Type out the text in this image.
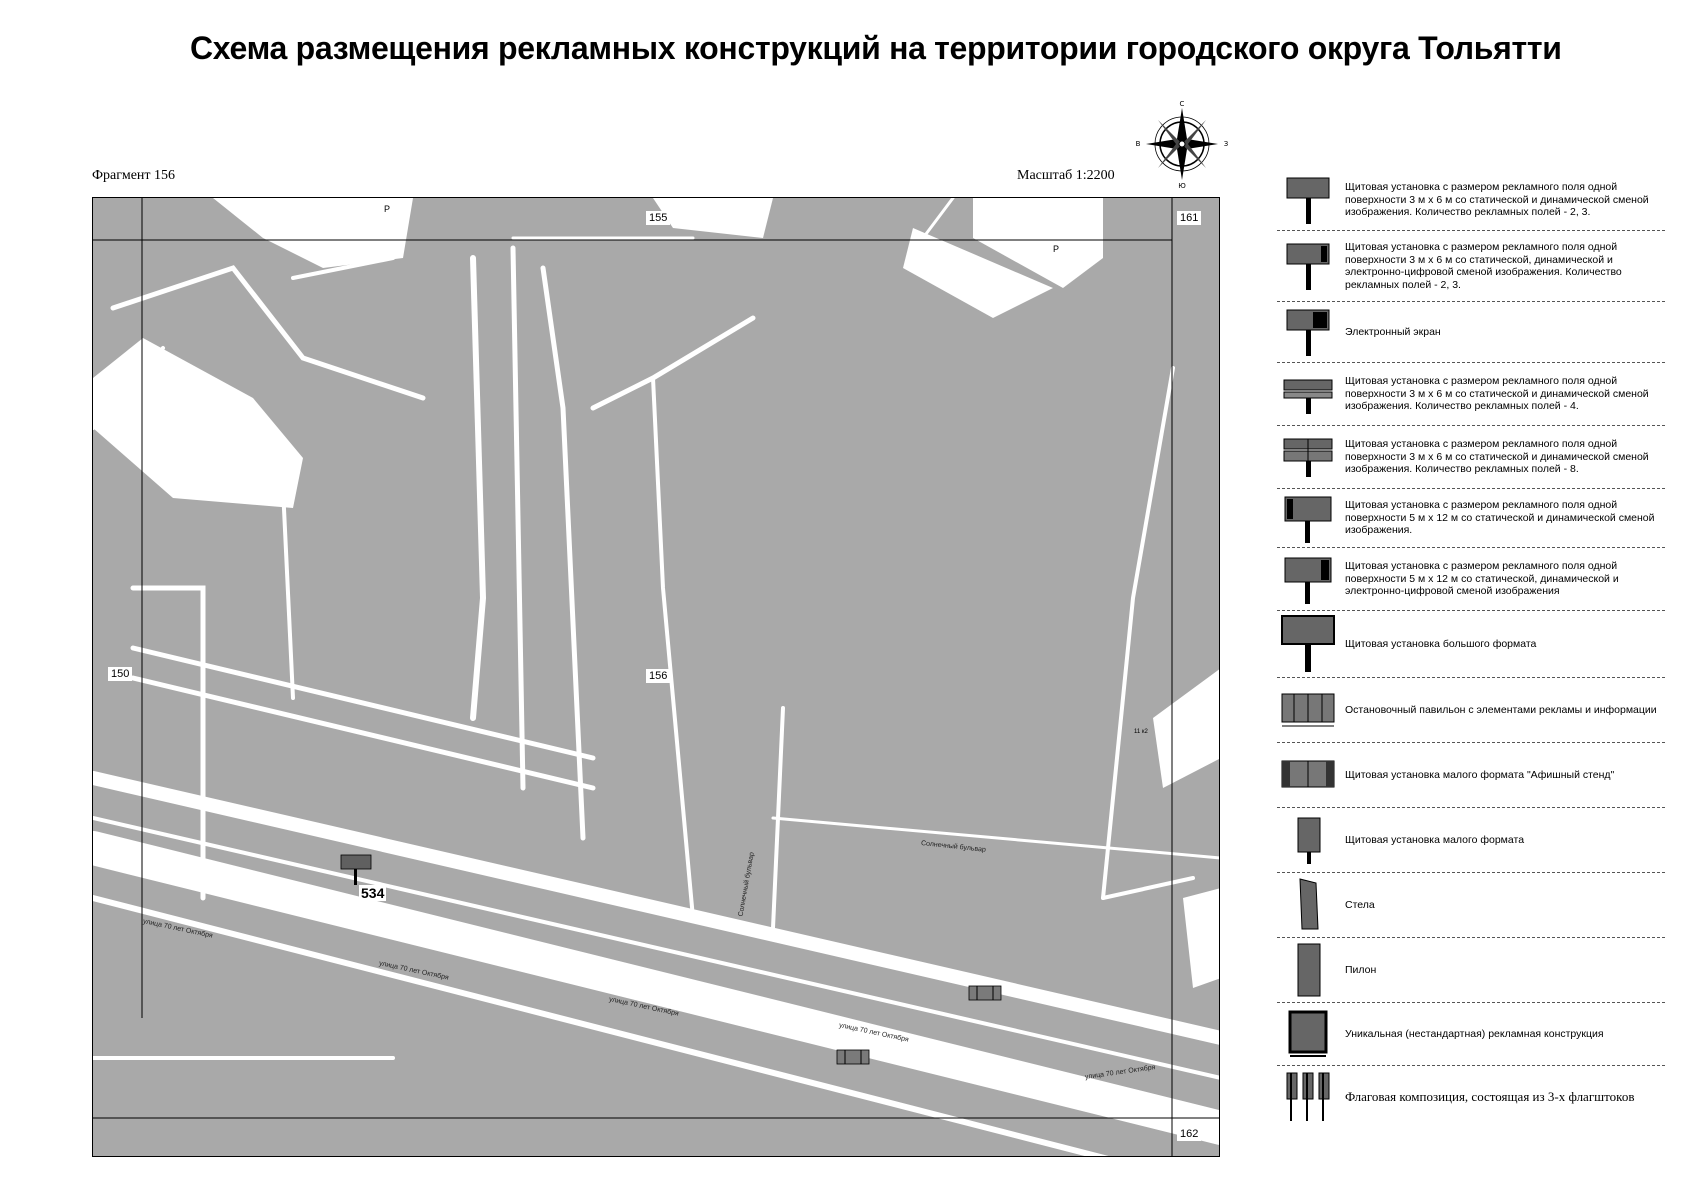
Схема размещения рекламных конструкций на территории городского округа Тольятти
Фрагмент 156	Масштаб 1:2200
С
Ю
В	З
155	161
150	156
162
P
P
11 к2
534
улица 70 лет Октября
улица 70 лет Октября
улица 70 лет Октября
улица 70 лет Октября
улица 70 лет Октября
Солнечный бульвар
Солнечный бульвар
Щитовая установка с размером рекламного поля одной поверхности 3 м х 6 м со статической и динамической сменой изображения. Количество рекламных полей - 2, 3.
Щитовая установка с размером рекламного поля одной поверхности 3 м х 6 м со статической, динамической и электронно-цифровой сменой изображения. Количество рекламных полей - 2, 3.
Электронный экран
Щитовая установка с размером рекламного поля одной поверхности 3 м х 6 м со статической и динамической сменой изображения. Количество рекламных полей - 4.
Щитовая установка с размером рекламного поля одной поверхности 3 м х 6 м со статической и динамической сменой изображения. Количество рекламных полей - 8.
Щитовая установка с размером рекламного поля одной поверхности 5 м х 12 м со статической и динамической сменой изображения.
Щитовая установка с размером рекламного поля одной поверхности 5 м х 12 м со статической, динамической и электронно-цифровой сменой изображения
Щитовая установка большого формата
Остановочный павильон с элементами рекламы и информации
Щитовая установка малого формата "Афишный стенд"
Щитовая установка малого формата
Стела
Пилон
Уникальная (нестандартная) рекламная конструкция
Флаговая композиция, состоящая из 3-х флагштоков
